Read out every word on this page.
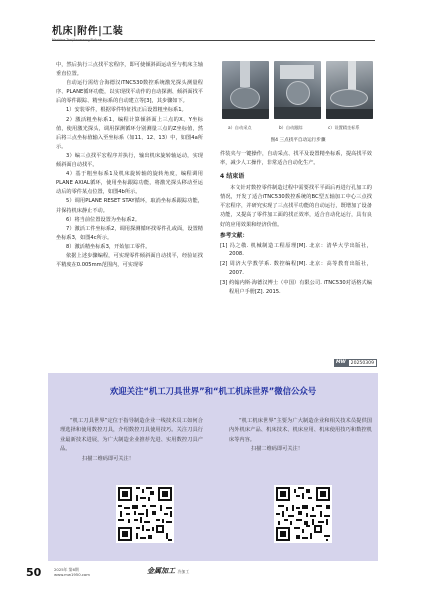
机床|附件|工装

中，然后执行三点找平宏程序，即可使倾斜面运动至与机床主轴垂直位置。

自动运行需结合海德汉iTNC530数控系统激光探头测量程序、PLANE循环功能，以实现找平动作的自动探测、倾斜面找平后的零件跟踪、精坐标系的自动建立等[3]，其步骤如下。

1）安装零件，根据零件特征找正后设置粗坐标系1。

2）激活粗坐标系1，编程计算倾斜面上三点的X、Y坐标值，使用激光探头，调用探测循环分别测量三点的Z坐标值，然后将三点坐标值输入至坐标系（如11、12、13）中，如图4a所示。

3）编三点找平宏程序并执行，输出机床旋转轴运动，实现倾斜面自动找平。

4）基于粗坐标系1及机床旋转轴的旋转角度，编程调用PLANE AXIAL循环，使用坐标跟踪功能，将激光探头移动至运动后的零件某点位置，如图4b所示。

5）调用PLANE RESET STAY循环，取消坐标系跟踪功能，并保持机床静止不动。

6）将当前位置设置为坐标系2。

7）激活工件坐标系2，调用探测循环找零件孔或面，设置精坐标系3，如图4c所示。

8）激活精坐标系3，开始加工零件。

依据上述步骤编程，可实现零件倾斜面自动找平，经验证找平精度在0.005mm范围内，可实现零

a）自动采点	b）自动跟踪	c）设置精坐标系
图4 三点找平自动运行步骤

件装夹与一键操作，自动采点、找平及设置精坐标系，提高找平效率，减少人工操作，非常适合自动化生产。

4 结束语

本文针对数控零件制造过程中需要找平平面后再进行孔加工的情况，开发了适合iTNC530数控系统的BC型五轴加工中心三点找平宏程序，并研究实现了三点找平功能的自动运行，既增加了设备功能，又提高了零件加工面的找正效率，适合自动化运行，具有良好的应用效果和经济价值。

参考文献：

[1] 冯之敬. 机械制造工程原理[M]. 北京：清华大学出版社，2008.

[2] 周济大学教学系. 数控编程[M]. 北京：高等教育出版社，2007.

[3] 约翰内斯·海德汉博士（中国）有限公司. iTNC530对话格式编程用户手册[Z]. 2015.

MW	20250309
欢迎关注“机工刀具世界”和“机工机床世界”微信公众号

“机工刀具世界”定位于指导制造企业一线技术员工如何合理选择和使用数控刀具，介绍数控刀具使用技巧。关注刀具行业最新技术进展，为广大制造企业推荐先进、实用数控刀具产品。

扫描二维码即可关注！

“机工机床世界”主要为广大制造企业和相关技术员提供国内外机床产品、机床技术、机床应用、机床使用技巧和数控机床等内容。

扫描二维码即可关注！

50	2025年 第6期
www.mw1950.com	金属加工 冷加工
